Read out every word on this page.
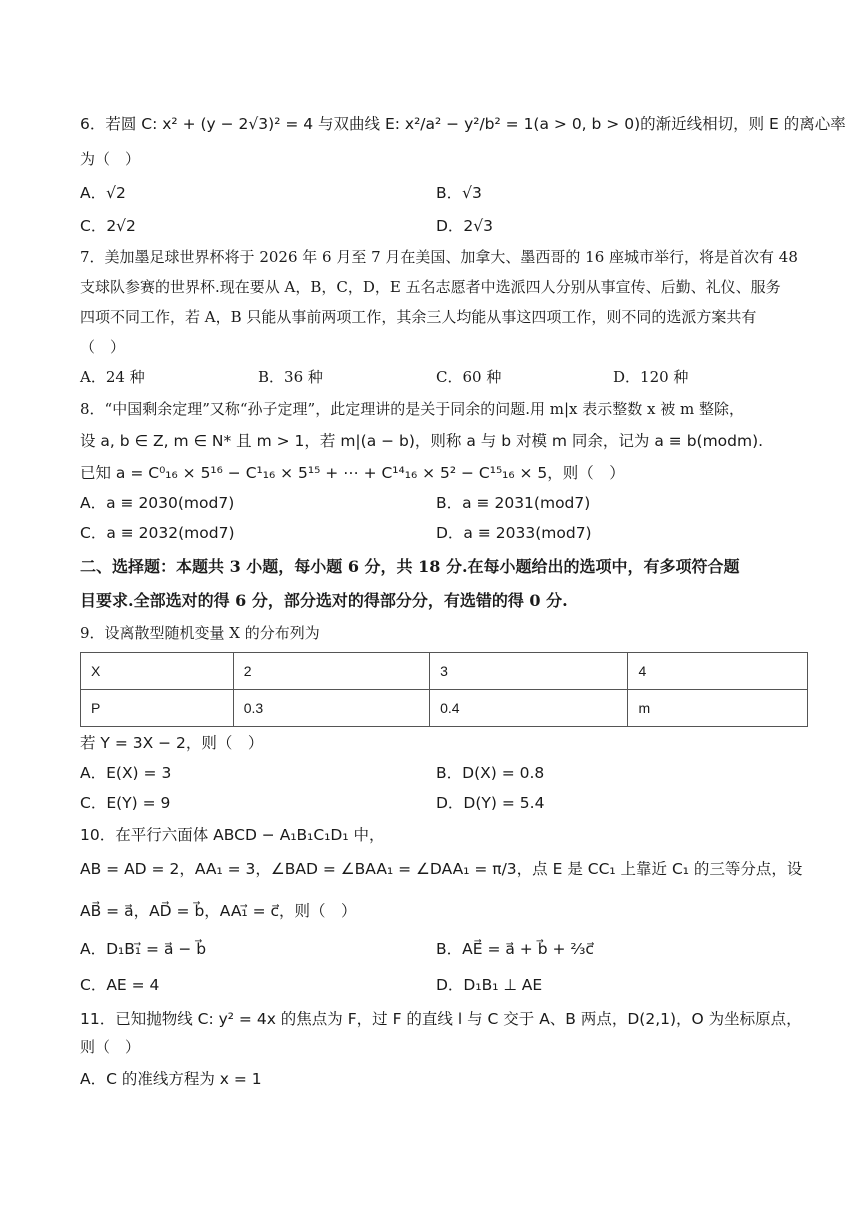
6．若圆 C: x² + (y − 2√3)² = 4 与双曲线 E: x²/a² − y²/b² = 1(a > 0, b > 0)的渐近线相切，则 E 的离心率
为（　）
A．√2	B．√3
C．2√2	D．2√3
7．美加墨足球世界杯将于 2026 年 6 月至 7 月在美国、加拿大、墨西哥的 16 座城市举行，将是首次有 48
支球队参赛的世界杯.现在要从 A，B，C，D，E 五名志愿者中选派四人分别从事宣传、后勤、礼仪、服务
四项不同工作，若 A，B 只能从事前两项工作，其余三人均能从事这四项工作，则不同的选派方案共有
（　）
A．24 种	B．36 种	C．60 种	D．120 种
8．“中国剩余定理”又称“孙子定理”，此定理讲的是关于同余的问题.用 m|x 表示整数 x 被 m 整除，
设 a, b ∈ Z, m ∈ N* 且 m > 1，若 m|(a − b)，则称 a 与 b 对模 m 同余，记为 a ≡ b(modm).
已知 a = C⁰₁₆ × 5¹⁶ − C¹₁₆ × 5¹⁵ + ⋯ + C¹⁴₁₆ × 5² − C¹⁵₁₆ × 5，则（　）
A．a ≡ 2030(mod7)	B．a ≡ 2031(mod7)
C．a ≡ 2032(mod7)	D．a ≡ 2033(mod7)
二、选择题：本题共 3 小题，每小题 6 分，共 18 分.在每小题给出的选项中，有多项符合题
目要求.全部选对的得 6 分，部分选对的得部分分，有选错的得 0 分.
9．设离散型随机变量 X 的分布列为
X	2	3	4
P	0.3	0.4	m
若 Y = 3X − 2，则（　）
A．E(X) = 3	B．D(X) = 0.8
C．E(Y) = 9	D．D(Y) = 5.4
10．在平行六面体 ABCD − A₁B₁C₁D₁ 中，
AB = AD = 2，AA₁ = 3，∠BAD = ∠BAA₁ = ∠DAA₁ = π/3，点 E 是 CC₁ 上靠近 C₁ 的三等分点，设
AB⃗ = a⃗，AD⃗ = b⃗，AA₁⃗ = c⃗，则（　）
A．D₁B₁⃗ = a⃗ − b⃗	B．AE⃗ = a⃗ + b⃗ + ⅔c⃗
C．AE = 4	D．D₁B₁ ⊥ AE
11．已知抛物线 C: y² = 4x 的焦点为 F，过 F 的直线 l 与 C 交于 A、B 两点，D(2,1)，O 为坐标原点，
则（　）
A．C 的准线方程为 x = 1
